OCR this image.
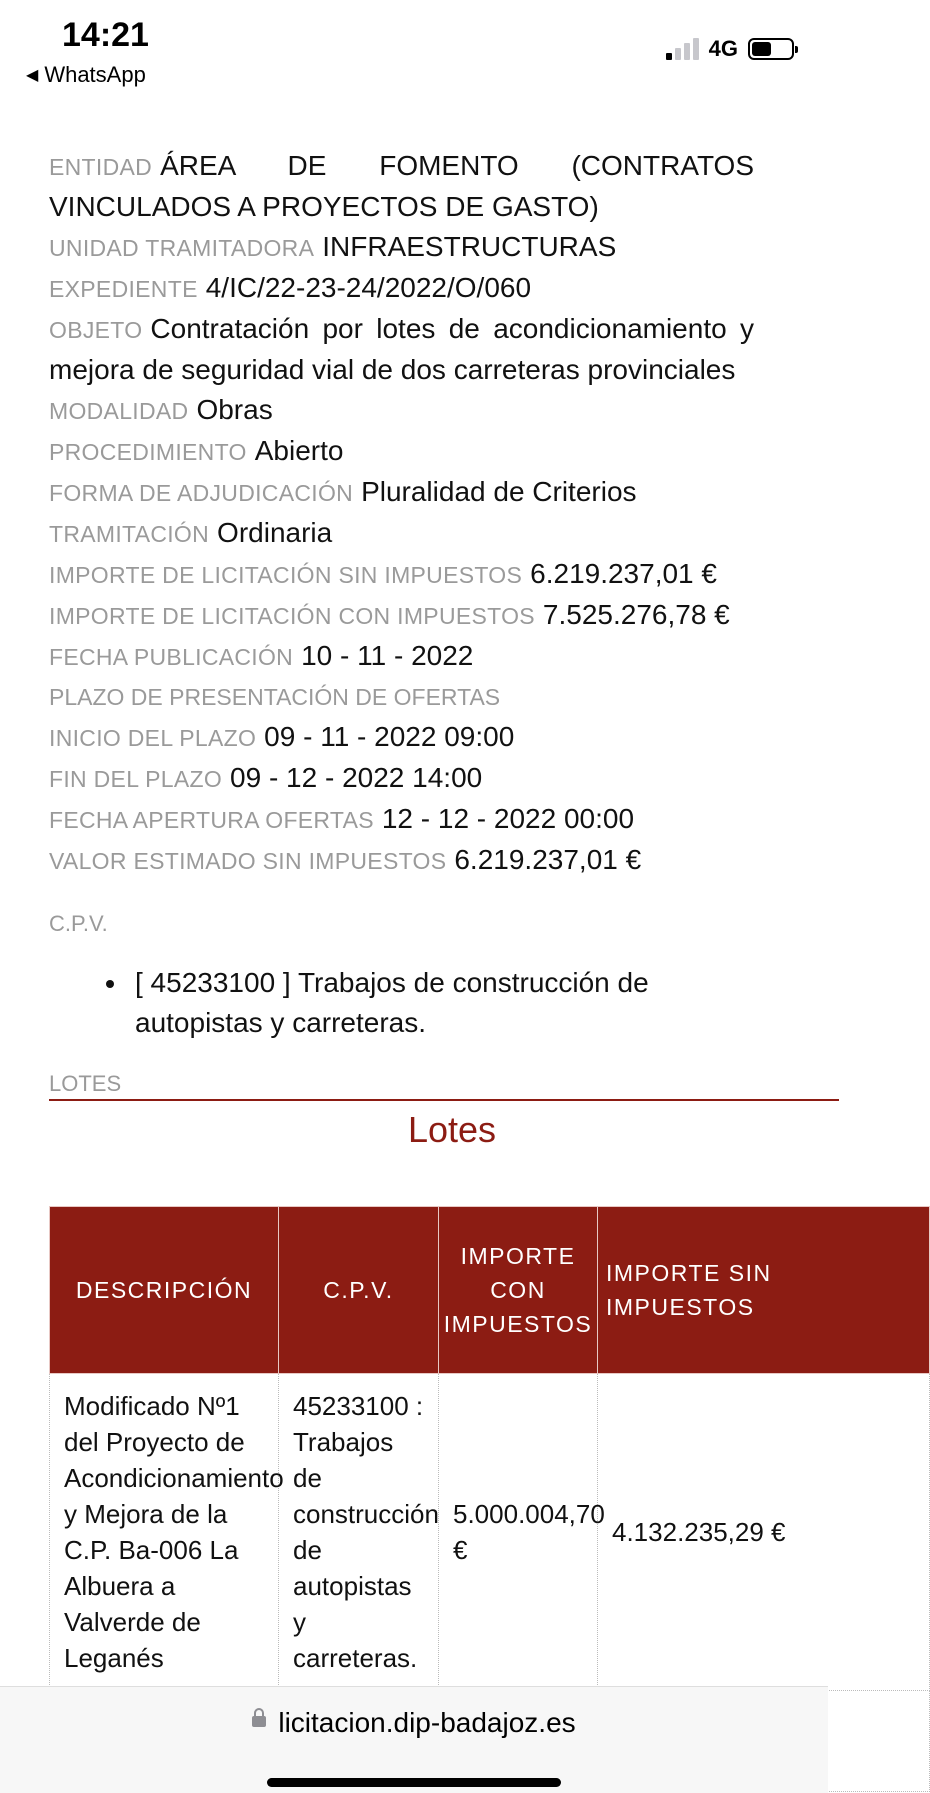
14:21
◀ WhatsApp
4G
ENTIDAD ÁREA DE FOMENTO (CONTRATOS VINCULADOS A PROYECTOS DE GASTO)
UNIDAD TRAMITADORA INFRAESTRUCTURAS
EXPEDIENTE 4/IC/22-23-24/2022/O/060
OBJETO Contratación por lotes de acondicionamiento y mejora de seguridad vial de dos carreteras provinciales
MODALIDAD Obras
PROCEDIMIENTO Abierto
FORMA DE ADJUDICACIÓN Pluralidad de Criterios
TRAMITACIÓN Ordinaria
IMPORTE DE LICITACIÓN SIN IMPUESTOS 6.219.237,01 €
IMPORTE DE LICITACIÓN CON IMPUESTOS 7.525.276,78 €
FECHA PUBLICACIÓN 10 - 11 - 2022
PLAZO DE PRESENTACIÓN DE OFERTAS
INICIO DEL PLAZO 09 - 11 - 2022 09:00
FIN DEL PLAZO 09 - 12 - 2022 14:00
FECHA APERTURA OFERTAS 12 - 12 - 2022 00:00
VALOR ESTIMADO SIN IMPUESTOS 6.219.237,01 €
C.P.V.
• [ 45233100 ] Trabajos de construcción de autopistas y carreteras.
LOTES
Lotes
DESCRIPCIÓN	C.P.V.	IMPORTE CON IMPUESTOS	IMPORTE SIN IMPUESTOS
Modificado Nº1 del Proyecto de Acondicionamiento y Mejora de la C.P. Ba-006 La Albuera a Valverde de Leganés	45233100 : Trabajos de construcción de autopistas y carreteras.	5.000.004,70 €	4.132.235,29 €

licitacion.dip-badajoz.es
